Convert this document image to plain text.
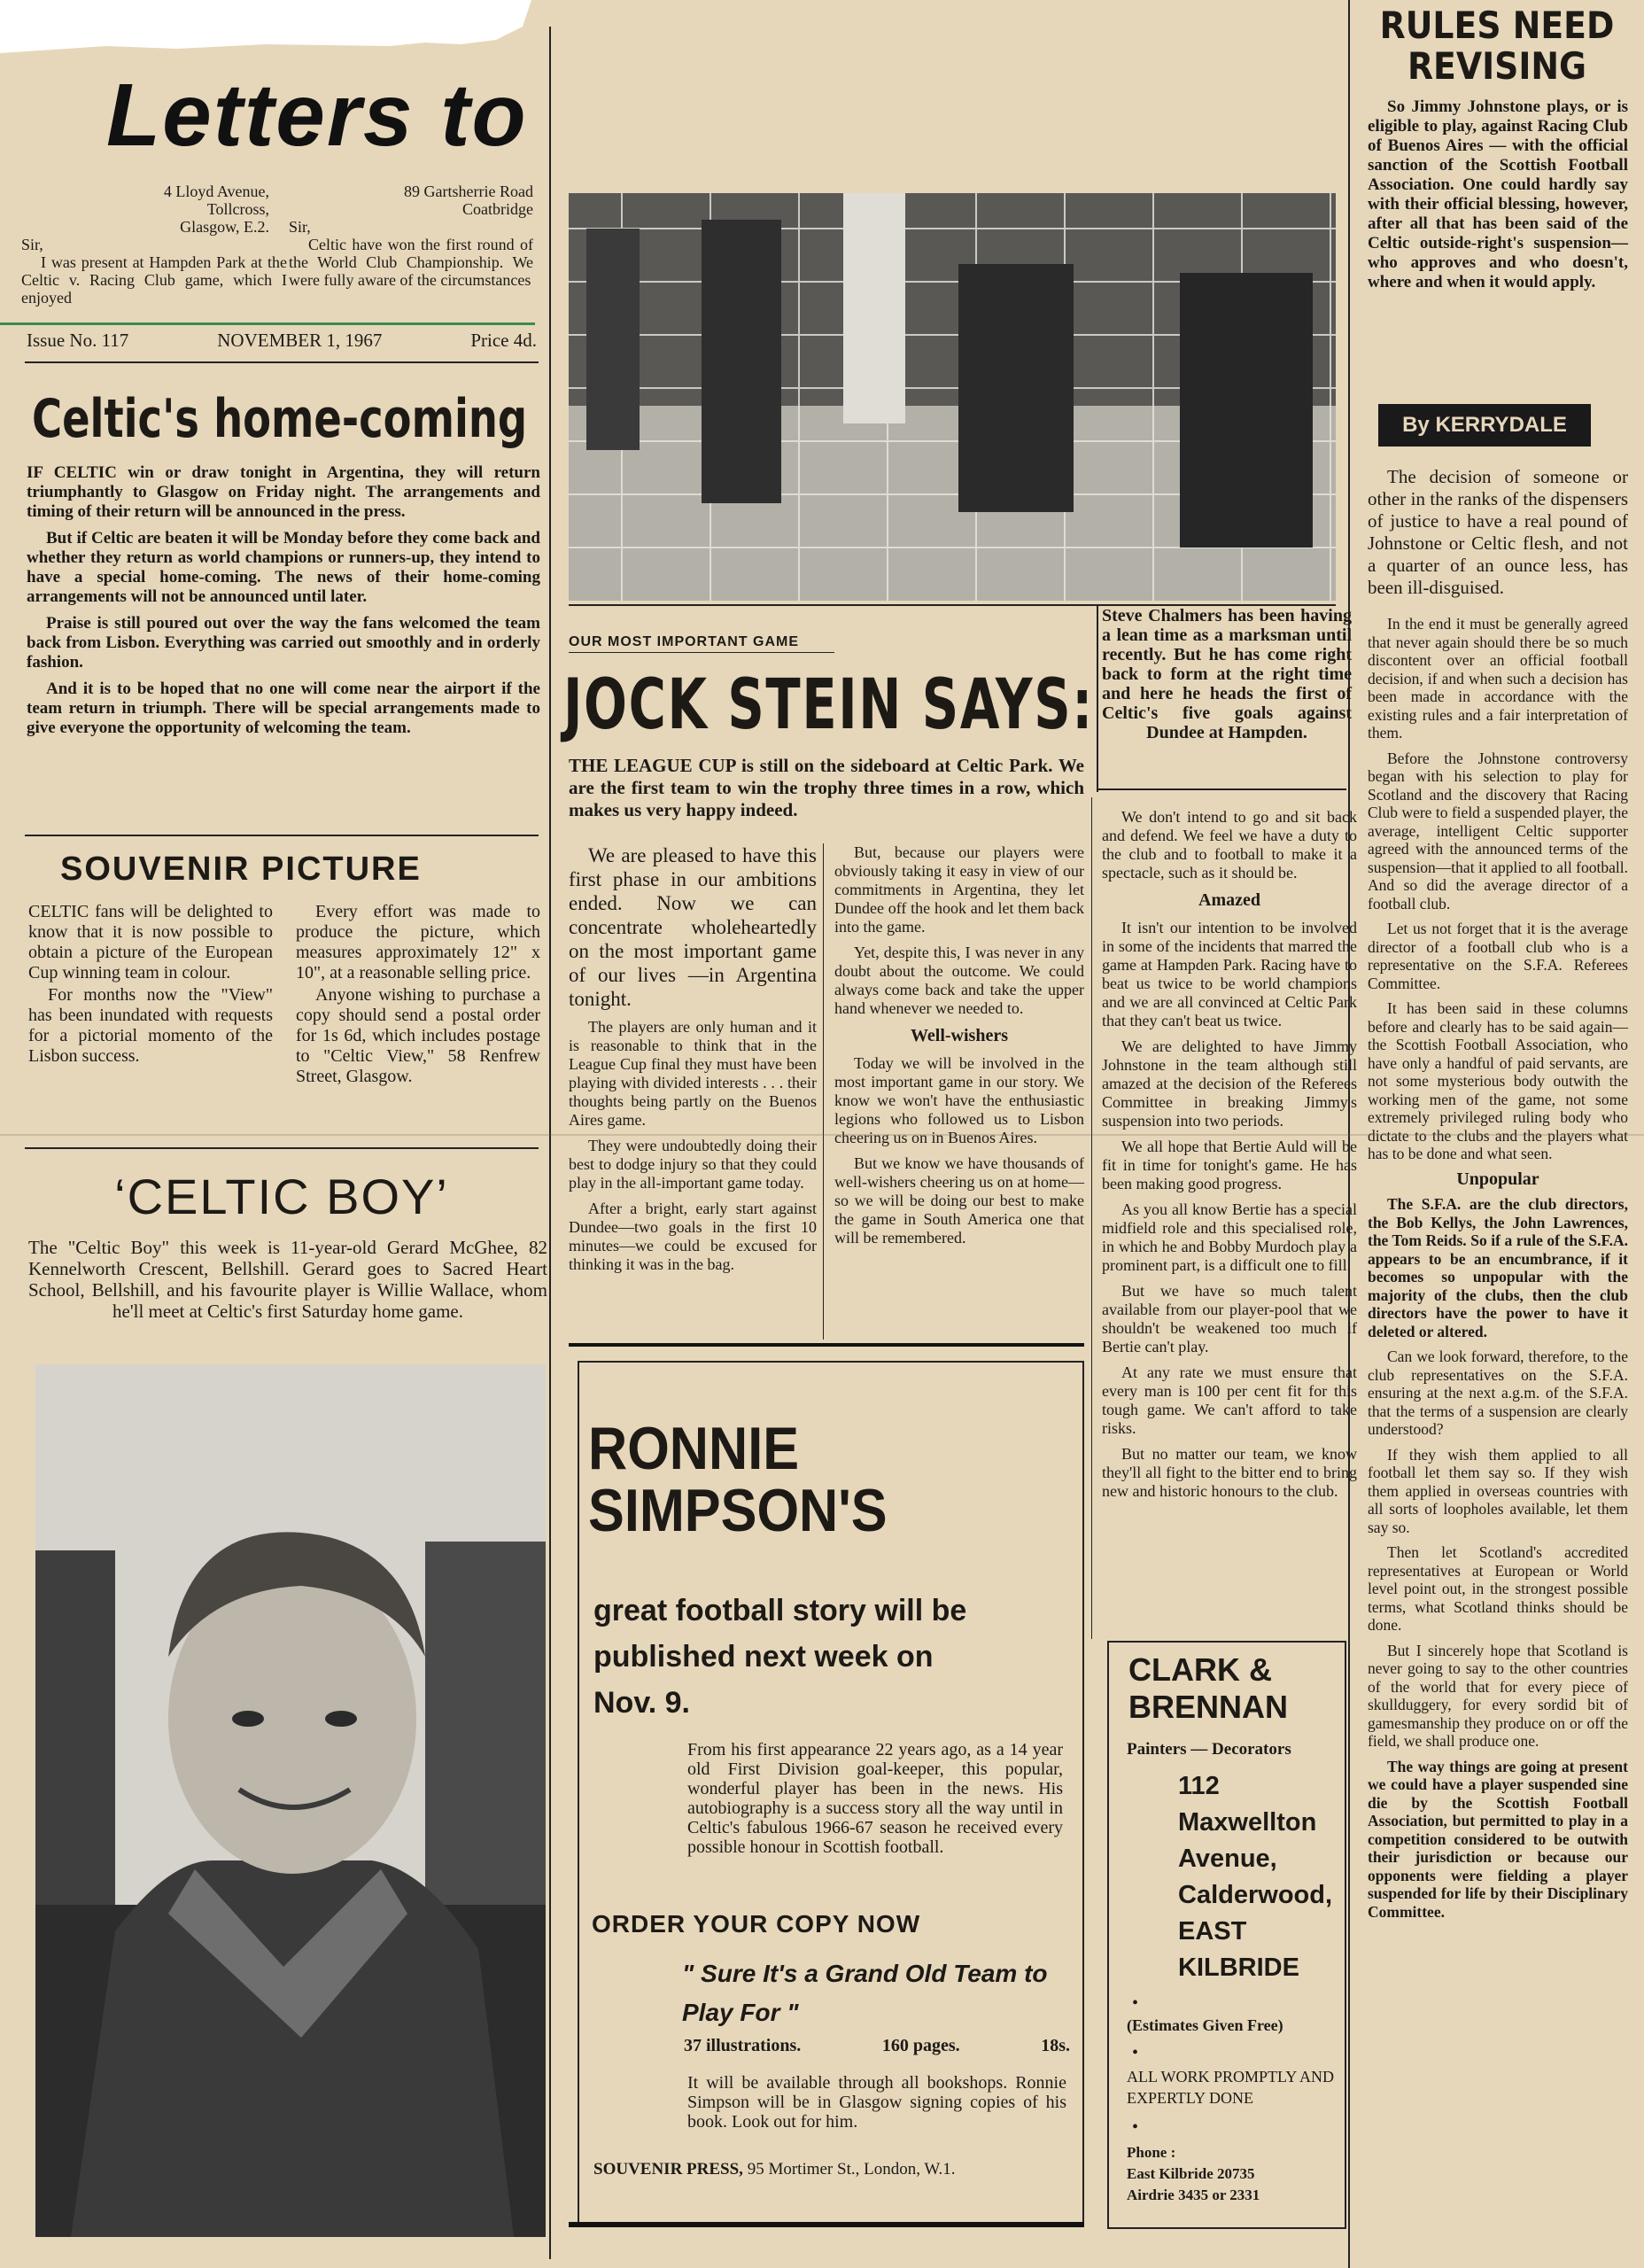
Letters to
4 Lloyd Avenue,
Tollcross,
Glasgow, E.2.
Sir,
I was present at Hampden Park at the Celtic v. Racing Club game, which I enjoyed
89 Gartsherrie Road
Coatbridge
Sir,
Celtic have won the first round of the World Club Championship. We were fully aware of the circumstances
Issue No. 117	NOVEMBER 1, 1967	Price 4d.
Celtic's home-coming

IF CELTIC win or draw tonight in Argentina, they will return triumphantly to Glasgow on Friday night. The arrangements and timing of their return will be announced in the press.

But if Celtic are beaten it will be Monday before they come back and whether they return as world champions or runners-up, they intend to have a special home-coming. The news of their home-coming arrangements will not be announced until later.

Praise is still poured out over the way the fans welcomed the team back from Lisbon. Everything was carried out smoothly and in orderly fashion.

And it is to be hoped that no one will come near the airport if the team return in triumph. There will be special arrangements made to give everyone the opportunity of welcoming the team.

SOUVENIR PICTURE

CELTIC fans will be delighted to know that it is now possible to obtain a picture of the European Cup winning team in colour.

For months now the "View" has been inundated with requests for a pictorial momento of the Lisbon success.

Every effort was made to produce the picture, which measures approximately 12" x 10", at a reasonable selling price.

Anyone wishing to purchase a copy should send a postal order for 1s 6d, which includes postage to "Celtic View," 58 Renfrew Street, Glasgow.

‘CELTIC BOY’
The "Celtic Boy" this week is 11-year-old Gerard McGhee, 82 Kennelworth Crescent, Bellshill. Gerard goes to Sacred Heart School, Bellshill, and his favourite player is Willie Wallace, whom he'll meet at Celtic's first Saturday home game.
Steve Chalmers has been having a lean time as a marksman until recently. But he has come right back to form at the right time and here he heads the first of Celtic's five goals against Dundee at Hampden.
OUR MOST IMPORTANT GAME
JOCK STEIN SAYS:
THE LEAGUE CUP is still on the sideboard at Celtic Park. We are the first team to win the trophy three times in a row, which makes us very happy indeed.

We are pleased to have this first phase in our ambitions ended. Now we can concentrate wholeheartedly on the most important game of our lives —in Argentina tonight.

The players are only human and it is reasonable to think that in the League Cup final they must have been playing with divided interests . . . their thoughts being partly on the Buenos Aires game.

They were undoubtedly doing their best to dodge injury so that they could play in the all-important game today.

After a bright, early start against Dundee—two goals in the first 10 minutes—we could be excused for thinking it was in the bag.

But, because our players were obviously taking it easy in view of our commitments in Argentina, they let Dundee off the hook and let them back into the game.

Yet, despite this, I was never in any doubt about the outcome. We could always come back and take the upper hand whenever we needed to.

Well-wishers

Today we will be involved in the most important game in our story. We know we won't have the enthusiastic legions who followed us to Lisbon cheering us on in Buenos Aires.

But we know we have thousands of well-wishers cheering us on at home—so we will be doing our best to make the game in South America one that will be remembered.

We don't intend to go and sit back and defend. We feel we have a duty to the club and to football to make it a spectacle, such as it should be.

Amazed

It isn't our intention to be involved in some of the incidents that marred the game at Hampden Park. Racing have to beat us twice to be world champions and we are all convinced at Celtic Park that they can't beat us twice.

We are delighted to have Jimmy Johnstone in the team although still amazed at the decision of the Referees Committee in breaking Jimmy's suspension into two periods.

We all hope that Bertie Auld will be fit in time for tonight's game. He has been making good progress.

As you all know Bertie has a special midfield role and this specialised role, in which he and Bobby Murdoch play a prominent part, is a difficult one to fill.

But we have so much talent available from our player-pool that we shouldn't be weakened too much if Bertie can't play.

At any rate we must ensure that every man is 100 per cent fit for this tough game. We can't afford to take risks.

But no matter our team, we know they'll all fight to the bitter end to bring new and historic honours to the club.

RONNIE SIMPSON'S
great football story will be published next week on Nov. 9.
From his first appearance 22 years ago, as a 14 year old First Division goal-keeper, this popular, wonderful player has been in the news. His autobiography is a success story all the way until in Celtic's fabulous 1966-67 season he received every possible honour in Scottish football.
ORDER YOUR COPY NOW
" Sure It's a Grand Old Team to Play For "
37 illustrations.	160 pages.	18s.
It will be available through all bookshops. Ronnie Simpson will be in Glasgow signing copies of his book. Look out for him.
SOUVENIR PRESS, 95 Mortimer St., London, W.1.
CLARK & BRENNAN
Painters — Decorators
112
Maxwellton
Avenue,
Calderwood,
EAST
KILBRIDE
•
(Estimates Given Free)
•
ALL WORK PROMPTLY AND EXPERTLY DONE
•
Phone :
East Kilbride 20735
Airdrie 3435 or 2331
RULES NEED REVISING

So Jimmy Johnstone plays, or is eligible to play, against Racing Club of Buenos Aires — with the official sanction of the Scottish Football Association. One could hardly say with their official blessing, however, after all that has been said of the Celtic outside-right's suspension—who approves and who doesn't, where and when it would apply.

By KERRYDALE

The decision of someone or other in the ranks of the dispensers of justice to have a real pound of Johnstone or Celtic flesh, and not a quarter of an ounce less, has been ill-disguised.

In the end it must be generally agreed that never again should there be so much discontent over an official football decision, if and when such a decision has been made in accordance with the existing rules and a fair interpretation of them.

Before the Johnstone controversy began with his selection to play for Scotland and the discovery that Racing Club were to field a suspended player, the average, intelligent Celtic supporter agreed with the announced terms of the suspension—that it applied to all football. And so did the average director of a football club.

Let us not forget that it is the average director of a football club who is a representative on the S.F.A. Referees Committee.

It has been said in these columns before and clearly has to be said again—the Scottish Football Association, who have only a handful of paid servants, are not some mysterious body outwith the working men of the game, not some extremely privileged ruling body who dictate to the clubs and the players what has to be done and what seen.

Unpopular

The S.F.A. are the club directors, the Bob Kellys, the John Lawrences, the Tom Reids. So if a rule of the S.F.A. appears to be an encumbrance, if it becomes so unpopular with the majority of the clubs, then the club directors have the power to have it deleted or altered.

Can we look forward, therefore, to the club representatives on the S.F.A. ensuring at the next a.g.m. of the S.F.A. that the terms of a suspension are clearly understood?

If they wish them applied to all football let them say so. If they wish them applied in overseas countries with all sorts of loopholes available, let them say so.

Then let Scotland's accredited representatives at European or World level point out, in the strongest possible terms, what Scotland thinks should be done.

But I sincerely hope that Scotland is never going to say to the other countries of the world that for every piece of skullduggery, for every sordid bit of gamesmanship they produce on or off the field, we shall produce one.

The way things are going at present we could have a player suspended sine die by the Scottish Football Association, but permitted to play in a competition considered to be outwith their jurisdiction or because our opponents were fielding a player suspended for life by their Disciplinary Committee.
